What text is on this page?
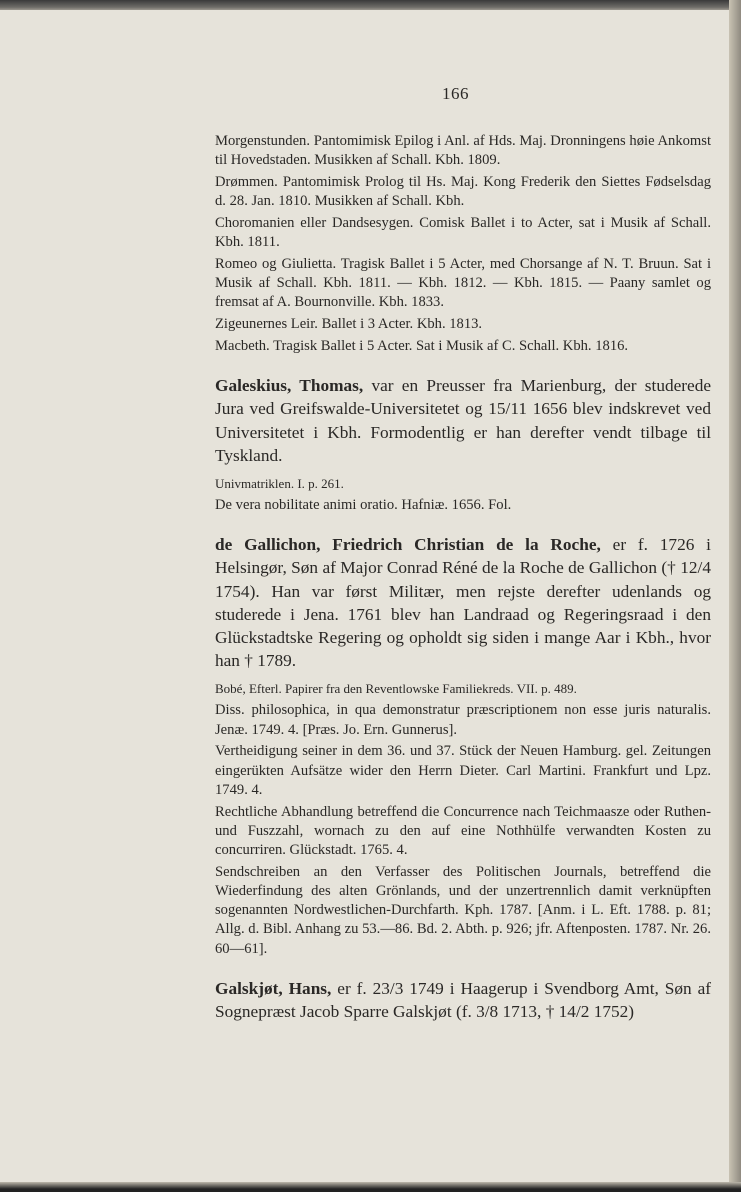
166

Morgenstunden. Pantomimisk Epilog i Anl. af Hds. Maj. Dronningens høie Ankomst til Hovedstaden. Musikken af Schall. Kbh. 1809.

Drømmen. Pantomimisk Prolog til Hs. Maj. Kong Frederik den Siettes Fødselsdag d. 28. Jan. 1810. Musikken af Schall. Kbh.

Choromanien eller Dandsesygen. Comisk Ballet i to Acter, sat i Musik af Schall. Kbh. 1811.

Romeo og Giulietta. Tragisk Ballet i 5 Acter, med Chorsange af N. T. Bruun. Sat i Musik af Schall. Kbh. 1811. — Kbh. 1812. — Kbh. 1815. — Paany samlet og fremsat af A. Bournonville. Kbh. 1833.

Zigeunernes Leir. Ballet i 3 Acter. Kbh. 1813.

Macbeth. Tragisk Ballet i 5 Acter. Sat i Musik af C. Schall. Kbh. 1816.

Galeskius, Thomas, var en Preusser fra Marienburg, der studerede Jura ved Greifswalde-Universitetet og 15/11 1656 blev indskrevet ved Universitetet i Kbh. Formodentlig er han derefter vendt tilbage til Tyskland.

Univmatriklen. I. p. 261.

De vera nobilitate animi oratio. Hafniæ. 1656. Fol.

de Gallichon, Friedrich Christian de la Roche, er f. 1726 i Helsingør, Søn af Major Conrad Réné de la Roche de Gallichon († 12/4 1754). Han var først Militær, men rejste derefter udenlands og studerede i Jena. 1761 blev han Landraad og Regeringsraad i den Glückstadtske Regering og opholdt sig siden i mange Aar i Kbh., hvor han † 1789.

Bobé, Efterl. Papirer fra den Reventlowske Familiekreds. VII. p. 489.

Diss. philosophica, in qua demonstratur præscriptionem non esse juris naturalis. Jenæ. 1749. 4. [Præs. Jo. Ern. Gunnerus].

Vertheidigung seiner in dem 36. und 37. Stück der Neuen Hamburg. gel. Zeitungen eingerükten Aufsätze wider den Herrn Dieter. Carl Martini. Frankfurt und Lpz. 1749. 4.

Rechtliche Abhandlung betreffend die Concurrence nach Teichmaasze oder Ruthen- und Fuszzahl, wornach zu den auf eine Nothhülfe verwandten Kosten zu concurriren. Glückstadt. 1765. 4.

Sendschreiben an den Verfasser des Politischen Journals, betreffend die Wiederfindung des alten Grönlands, und der unzertrennlich damit verknüpften sogenannten Nordwestlichen-Durchfarth. Kph. 1787. [Anm. i L. Eft. 1788. p. 81; Allg. d. Bibl. Anhang zu 53.—86. Bd. 2. Abth. p. 926; jfr. Aftenposten. 1787. Nr. 26. 60—61].

Galskjøt, Hans, er f. 23/3 1749 i Haagerup i Svendborg Amt, Søn af Sognepræst Jacob Sparre Galskjøt (f. 3/8 1713, † 14/2 1752)
